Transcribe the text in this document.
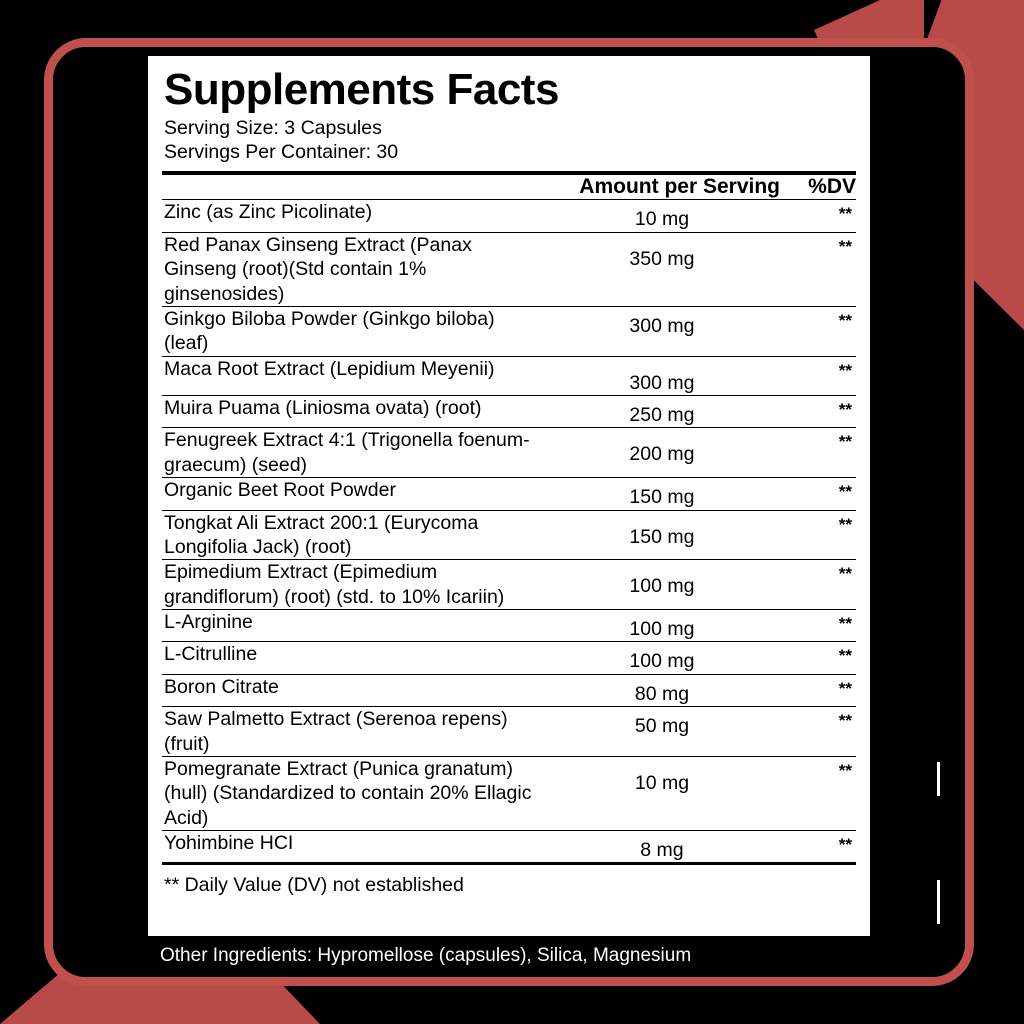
Supplements Facts
Serving Size: 3 Capsules
Servings Per Container: 30
	Amount per Serving	%DV
Zinc (as Zinc Picolinate)	10 mg	**
Red Panax Ginseng Extract (Panax Ginseng (root)(Std contain 1% ginsenosides)	350 mg	**
Ginkgo Biloba Powder (Ginkgo biloba) (leaf)	300 mg	**
Maca Root Extract (Lepidium Meyenii)	300 mg	**
Muira Puama (Liniosma ovata) (root)	250 mg	**
Fenugreek Extract 4:1 (Trigonella foenum-graecum) (seed)	200 mg	**
Organic Beet Root Powder	150 mg	**
Tongkat Ali Extract 200:1 (Eurycoma Longifolia Jack) (root)	150 mg	**
Epimedium Extract (Epimedium grandiflorum) (root) (std. to 10% Icariin)	100 mg	**
L-Arginine	100 mg	**
L-Citrulline	100 mg	**
Boron Citrate	80 mg	**
Saw Palmetto Extract (Serenoa repens) (fruit)	50 mg	**
Pomegranate Extract (Punica granatum) (hull) (Standardized to contain 20% Ellagic Acid)	10 mg	**
Yohimbine HCI	8 mg	**
** Daily Value (DV) not established
Other Ingredients: Hypromellose (capsules), Silica, Magnesium
